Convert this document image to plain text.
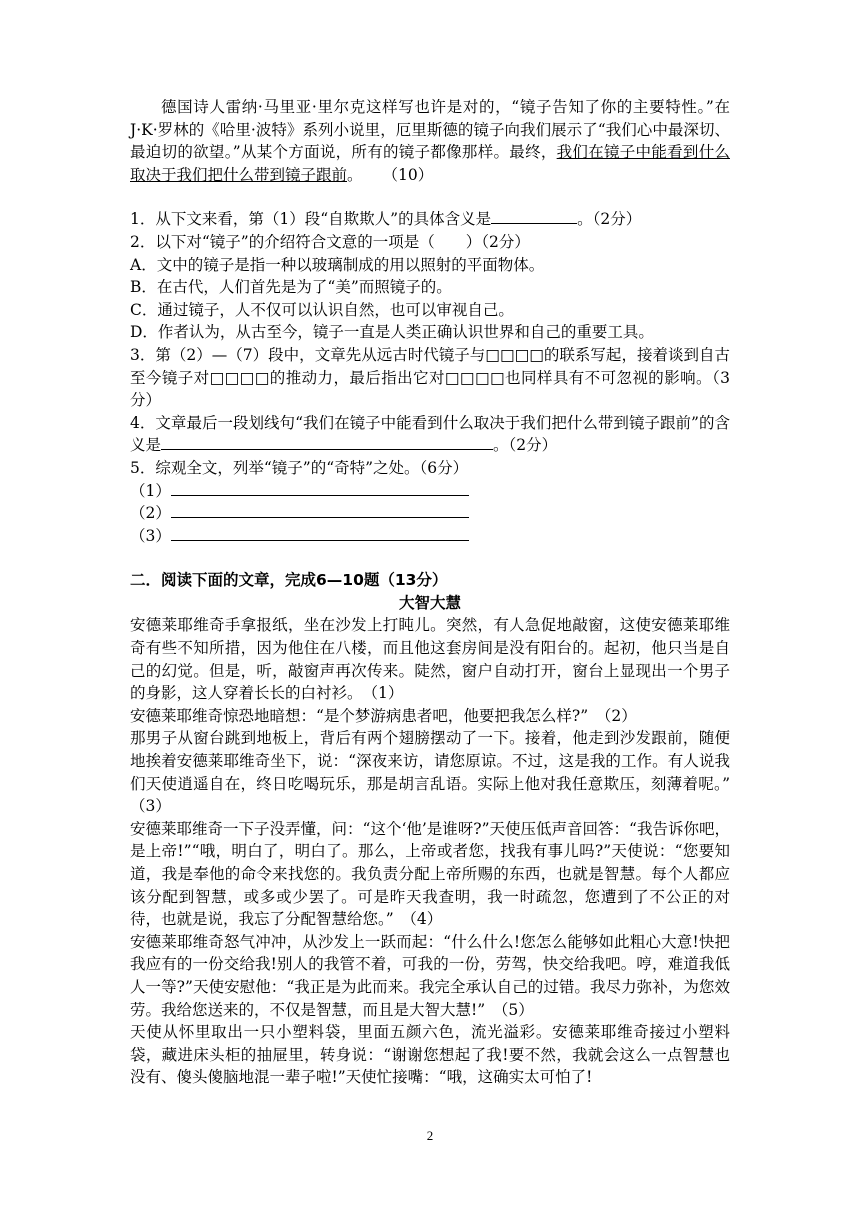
德国诗人雷纳·马里亚·里尔克这样写也许是对的，“镜子告知了你的主要特性。”在J·K·罗林的《哈里·波特》系列小说里，厄里斯德的镜子向我们展示了“我们心中最深切、最迫切的欲望。”从某个方面说，所有的镜子都像那样。最终，我们在镜子中能看到什么取决于我们把什么带到镜子跟前。 （10）

1．从下文来看，第（1）段“自欺欺人”的具体含义是	。（2分）

2．以下对“镜子”的介绍符合文意的一项是（　　）（2分）

A．文中的镜子是指一种以玻璃制成的用以照射的平面物体。

B．在古代，人们首先是为了“美”而照镜子的。

C．通过镜子，人不仅可以认识自然，也可以审视自己。

D．作者认为，从古至今，镜子一直是人类正确认识世界和自己的重要工具。

3．第（2）—（7）段中，文章先从远古时代镜子与□□□□的联系写起，接着谈到自古至今镜子对□□□□的推动力，最后指出它对□□□□也同样具有不可忽视的影响。（3分）

4．文章最后一段划线句“我们在镜子中能看到什么取决于我们把什么带到镜子跟前”的含义是	。（2分）

5．综观全文，列举“镜子”的“奇特”之处。（6分）

（1）

（2）

（3）

二．阅读下面的文章，完成6—10题（13分）

大智大慧

安德莱耶维奇手拿报纸，坐在沙发上打盹儿。突然，有人急促地敲窗，这使安德莱耶维奇有些不知所措，因为他住在八楼，而且他这套房间是没有阳台的。起初，他只当是自己的幻觉。但是，听，敲窗声再次传来。陡然，窗户自动打开，窗台上显现出一个男子的身影，这人穿着长长的白衬衫。　（1）

安德莱耶维奇惊恐地暗想：“是个梦游病患者吧，他要把我怎么样?”　（2）

那男子从窗台跳到地板上，背后有两个翅膀摆动了一下。接着，他走到沙发跟前，随便地挨着安德莱耶维奇坐下，说：“深夜来访，请您原谅。不过，这是我的工作。有人说我们天使逍遥自在，终日吃喝玩乐，那是胡言乱语。实际上他对我任意欺压，刻薄着呢。”　（3）

安德莱耶维奇一下子没弄懂，问：“这个‘他’是谁呀?”天使压低声音回答：“我告诉你吧，是上帝!”“哦，明白了，明白了。那么，上帝或者您，找我有事儿吗?”天使说：“您要知道，我是奉他的命令来找您的。我负责分配上帝所赐的东西，也就是智慧。每个人都应该分配到智慧，或多或少罢了。可是昨天我查明，我一时疏忽，您遭到了不公正的对待，也就是说，我忘了分配智慧给您。”　（4）

安德莱耶维奇怒气冲冲，从沙发上一跃而起：“什么什么!您怎么能够如此粗心大意!快把我应有的一份交给我!别人的我管不着，可我的一份，劳驾，快交给我吧。哼，难道我低人一等?”天使安慰他：“我正是为此而来。我完全承认自己的过错。我尽力弥补，为您效劳。我给您送来的，不仅是智慧，而且是大智大慧!”　（5）

天使从怀里取出一只小塑料袋，里面五颜六色，流光溢彩。安德莱耶维奇接过小塑料袋，藏进床头柜的抽屉里，转身说：“谢谢您想起了我!要不然，我就会这么一点智慧也没有、傻头傻脑地混一辈子啦!”天使忙接嘴：“哦，这确实太可怕了!

2
